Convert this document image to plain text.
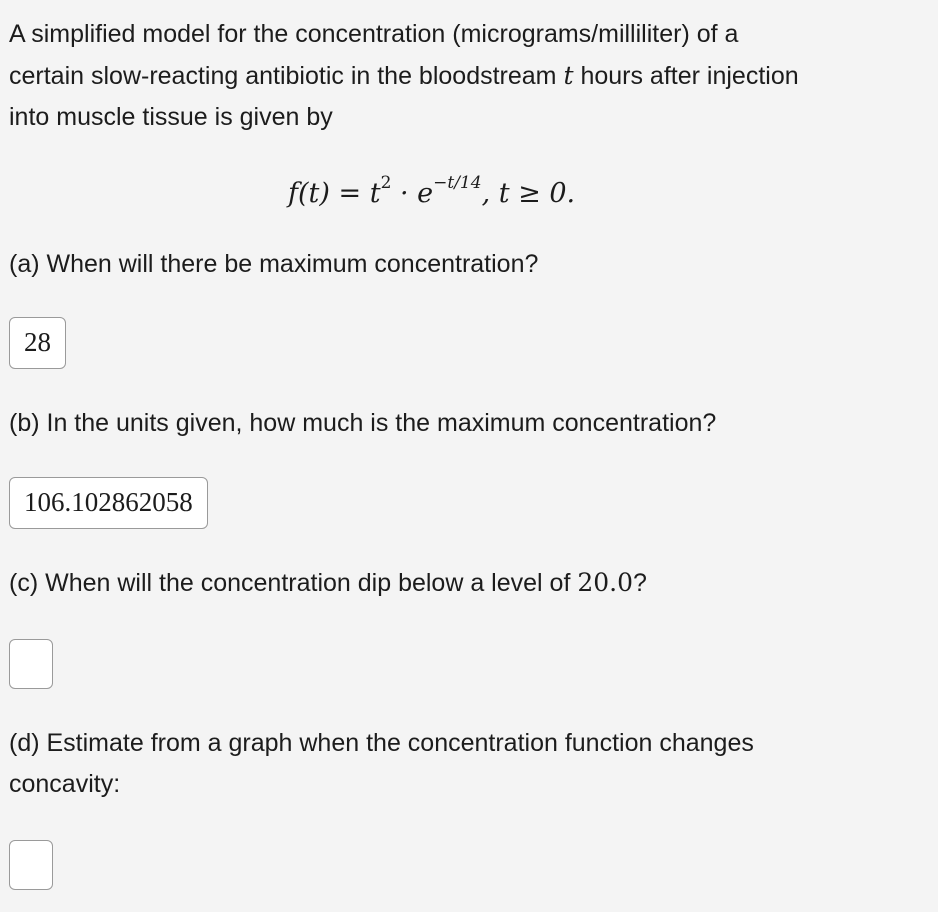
A simplified model for the concentration (micrograms/milliliter) of a
certain slow-reacting antibiotic in the bloodstream t hours after injection
into muscle tissue is given by
$f(t) = t^2 \cdot e^{-t/14}$, t ≥ 0.
(a) When will there be maximum concentration?
28
(b) In the units given, how much is the maximum concentration?
106.102862058
(c) When will the concentration dip below a level of 20.0?
(d) Estimate from a graph when the concentration function changes
concavity:
